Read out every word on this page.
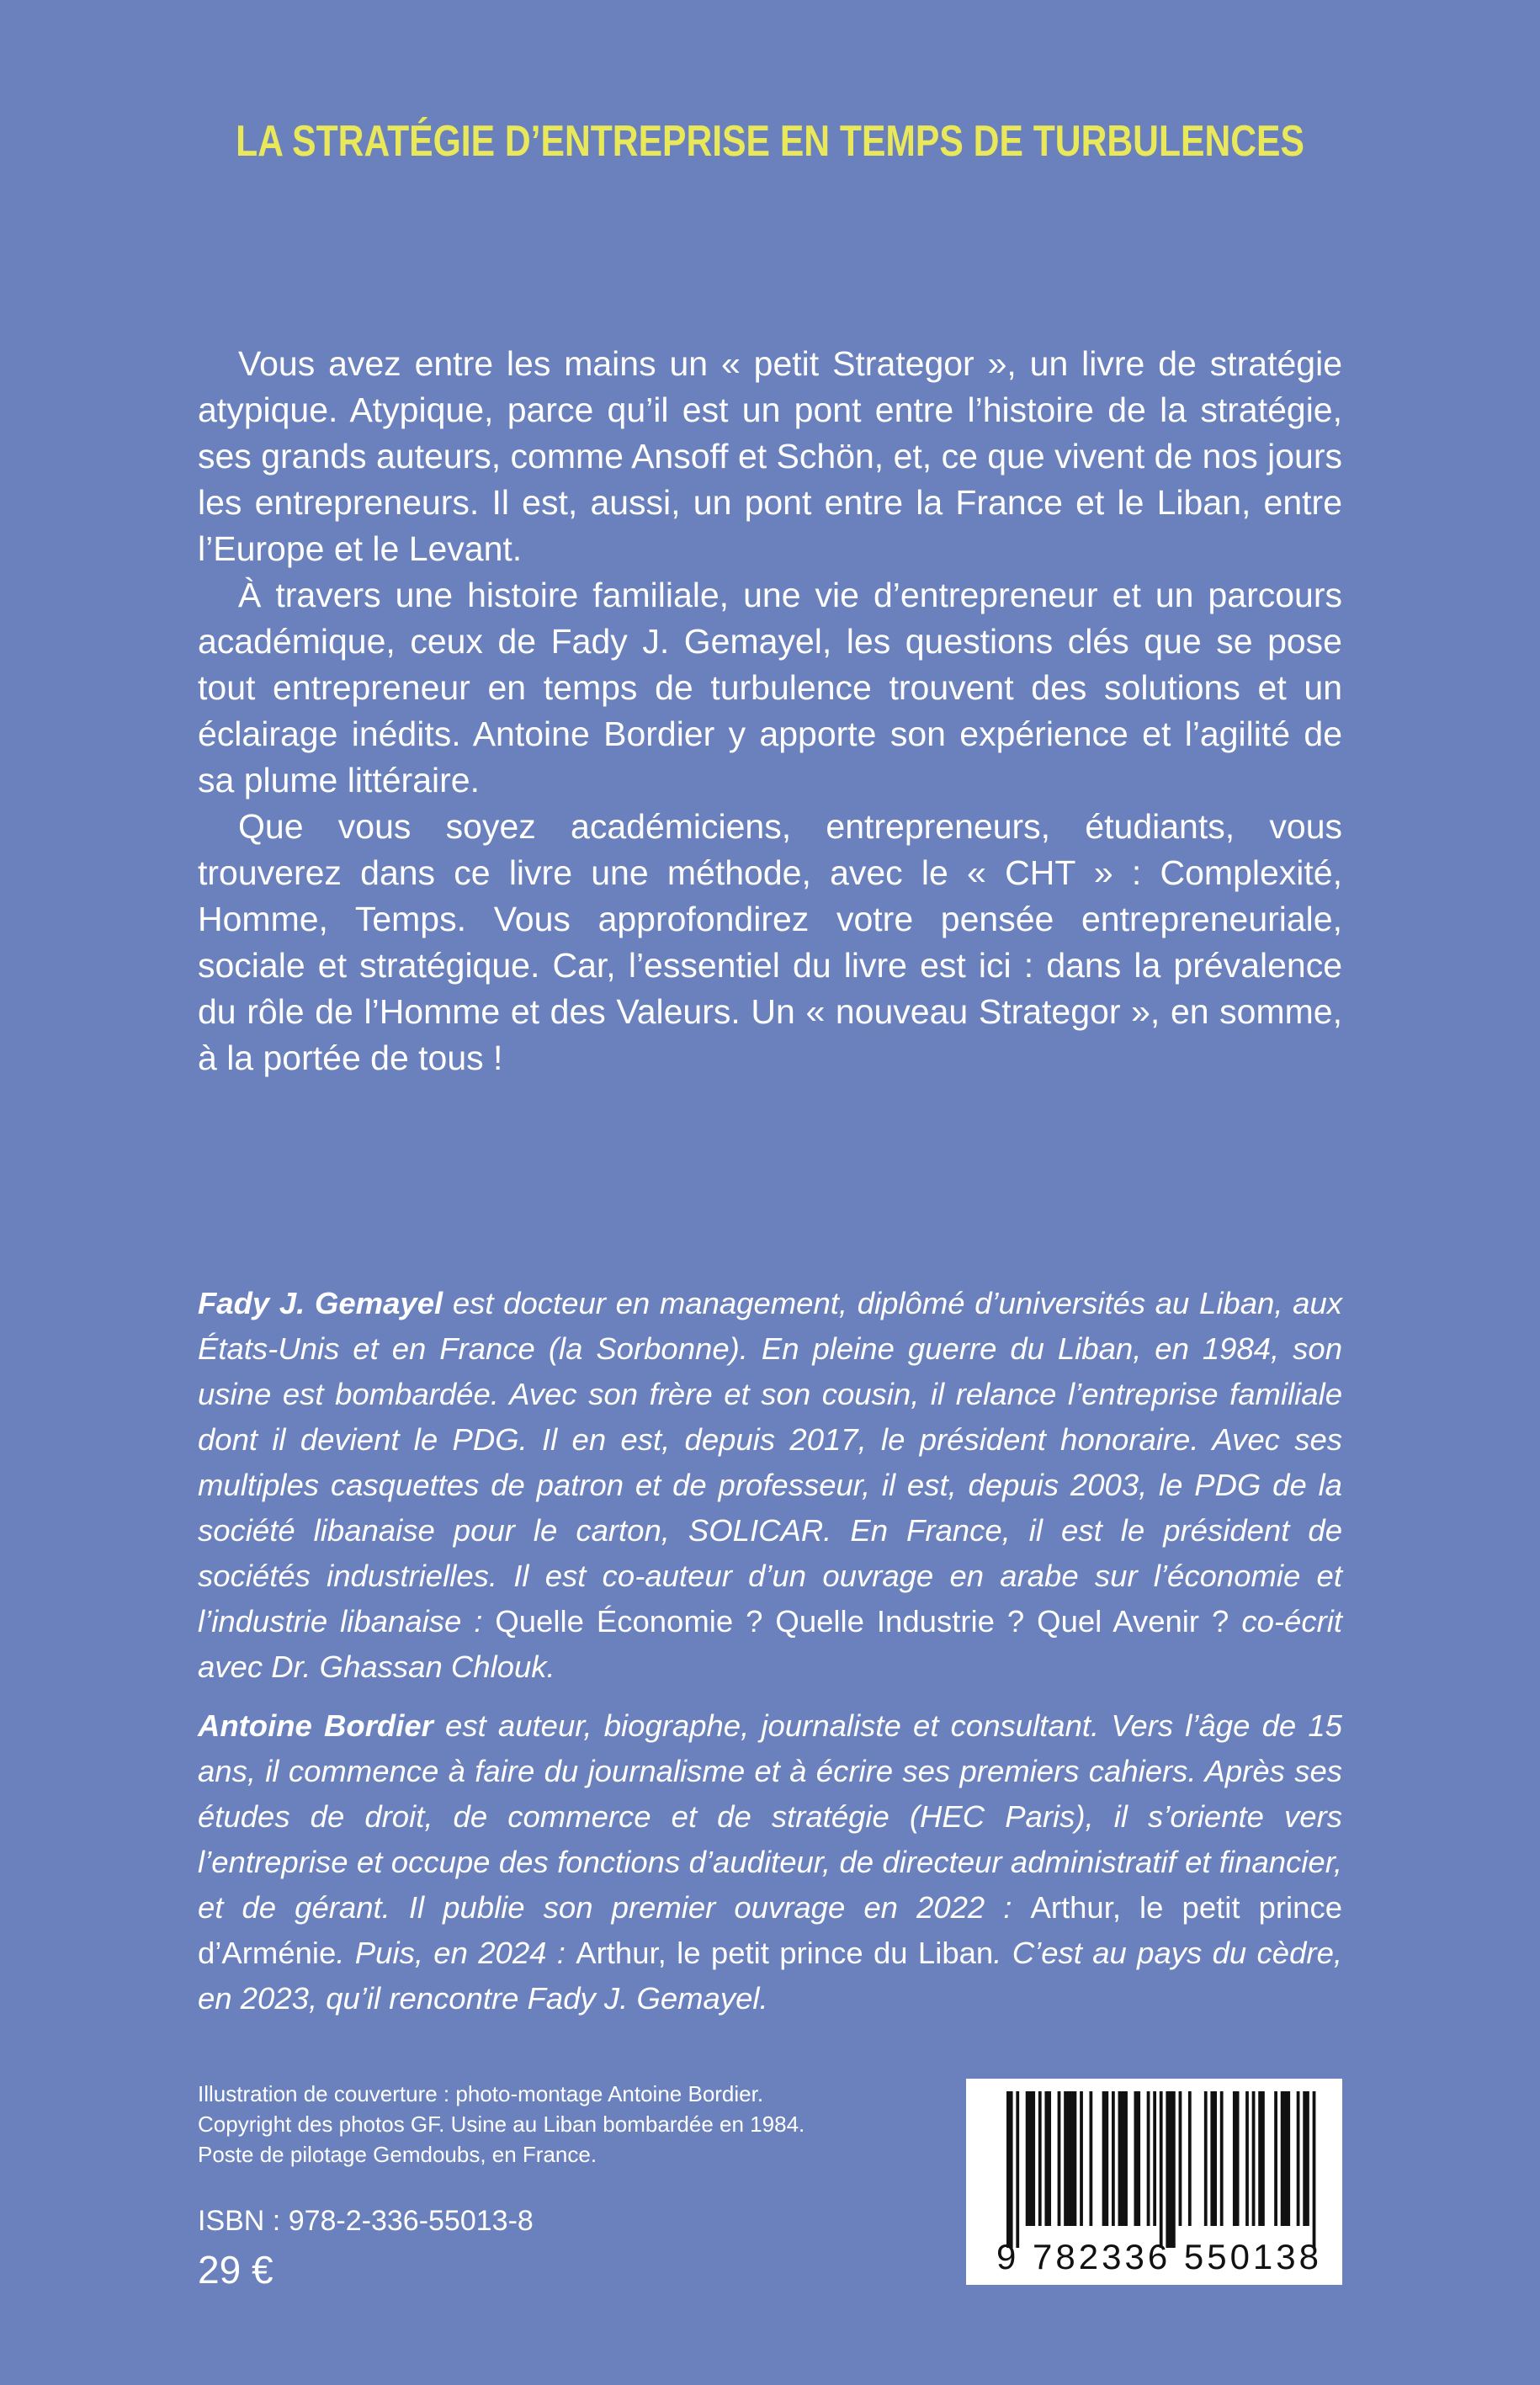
LA STRATÉGIE D’ENTREPRISE EN TEMPS DE TURBULENCES

Vous avez entre les mains un « petit Strategor », un livre de stratégie atypique. Atypique, parce qu’il est un pont entre l’histoire de la stratégie, ses grands auteurs, comme Ansoff et Schön, et, ce que vivent de nos jours les entrepreneurs. Il est, aussi, un pont entre la France et le Liban, entre l’Europe et le Levant.

À travers une histoire familiale, une vie d’entrepreneur et un parcours académique, ceux de Fady J. Gemayel, les questions clés que se pose tout entrepreneur en temps de turbulence trouvent des solutions et un éclairage inédits. Antoine Bordier y apporte son expérience et l’agilité de sa plume littéraire.

Que vous soyez académiciens, entrepreneurs, étudiants, vous trouverez dans ce livre une méthode, avec le « CHT » : Complexité, Homme, Temps. Vous approfondirez votre pensée entrepreneuriale, sociale et stratégique. Car, l’essentiel du livre est ici : dans la prévalence du rôle de l’Homme et des Valeurs. Un « nouveau Strategor », en somme, à la portée de tous !

Fady J. Gemayel est docteur en management, diplômé d’universités au Liban, aux États-Unis et en France (la Sorbonne). En pleine guerre du Liban, en 1984, son usine est bombardée. Avec son frère et son cousin, il relance l’entreprise familiale dont il devient le PDG. Il en est, depuis 2017, le président honoraire. Avec ses multiples casquettes de patron et de professeur, il est, depuis 2003, le PDG de la société libanaise pour le carton, SOLICAR. En France, il est le président de sociétés industrielles. Il est co-auteur d’un ouvrage en arabe sur l’économie et l’industrie libanaise : Quelle Économie ? Quelle Industrie ? Quel Avenir ? co-écrit avec Dr. Ghassan Chlouk.

Antoine Bordier est auteur, biographe, journaliste et consultant. Vers l’âge de 15 ans, il commence à faire du journalisme et à écrire ses premiers cahiers. Après ses études de droit, de commerce et de stratégie (HEC Paris), il s’oriente vers l’entreprise et occupe des fonctions d’auditeur, de directeur administratif et financier, et de gérant. Il publie son premier ouvrage en 2022 : Arthur, le petit prince d’Arménie. Puis, en 2024 : Arthur, le petit prince du Liban. C’est au pays du cèdre, en 2023, qu’il rencontre Fady J. Gemayel.

Illustration de couverture : photo-montage Antoine Bordier.
Copyright des photos GF. Usine au Liban bombardée en 1984.
Poste de pilotage Gemdoubs, en France.
ISBN : 978-2-336-55013-8
29 €	9 782336 550138
